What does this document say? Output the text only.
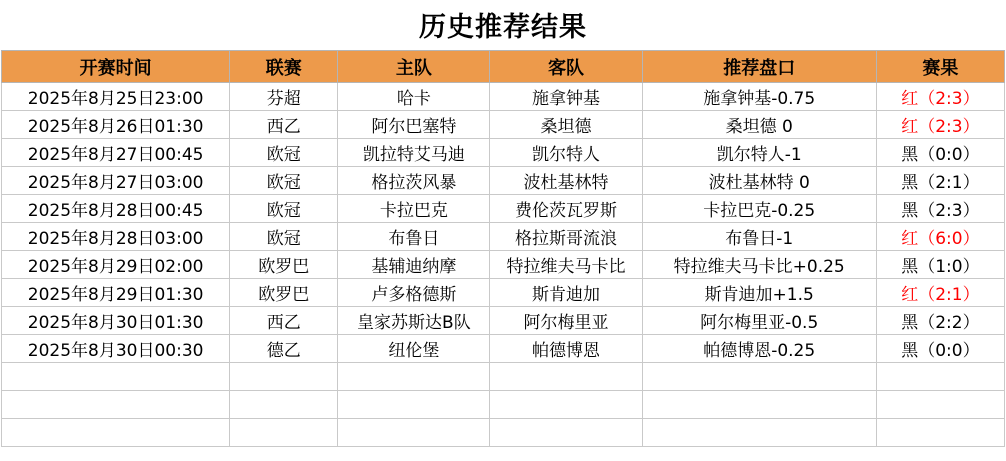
历史推荐结果
开赛时间	联赛	主队	客队	推荐盘口	赛果
2025年8月25日23:00	芬超	哈卡	施拿钟基	施拿钟基-0.75	红（2:3）
2025年8月26日01:30	西乙	阿尔巴塞特	桑坦德	桑坦德 0	红（2:3）
2025年8月27日00:45	欧冠	凯拉特艾马迪	凯尔特人	凯尔特人-1	黑（0:0）
2025年8月27日03:00	欧冠	格拉茨风暴	波杜基林特	波杜基林特 0	黑（2:1）
2025年8月28日00:45	欧冠	卡拉巴克	费伦茨瓦罗斯	卡拉巴克-0.25	黑（2:3）
2025年8月28日03:00	欧冠	布鲁日	格拉斯哥流浪	布鲁日-1	红（6:0）
2025年8月29日02:00	欧罗巴	基辅迪纳摩	特拉维夫马卡比	特拉维夫马卡比+0.25	黑（1:0）
2025年8月29日01:30	欧罗巴	卢多格德斯	斯肯迪加	斯肯迪加+1.5	红（2:1）
2025年8月30日01:30	西乙	皇家苏斯达B队	阿尔梅里亚	阿尔梅里亚-0.5	黑（2:2）
2025年8月30日00:30	德乙	纽伦堡	帕德博恩	帕德博恩-0.25	黑（0:0）
